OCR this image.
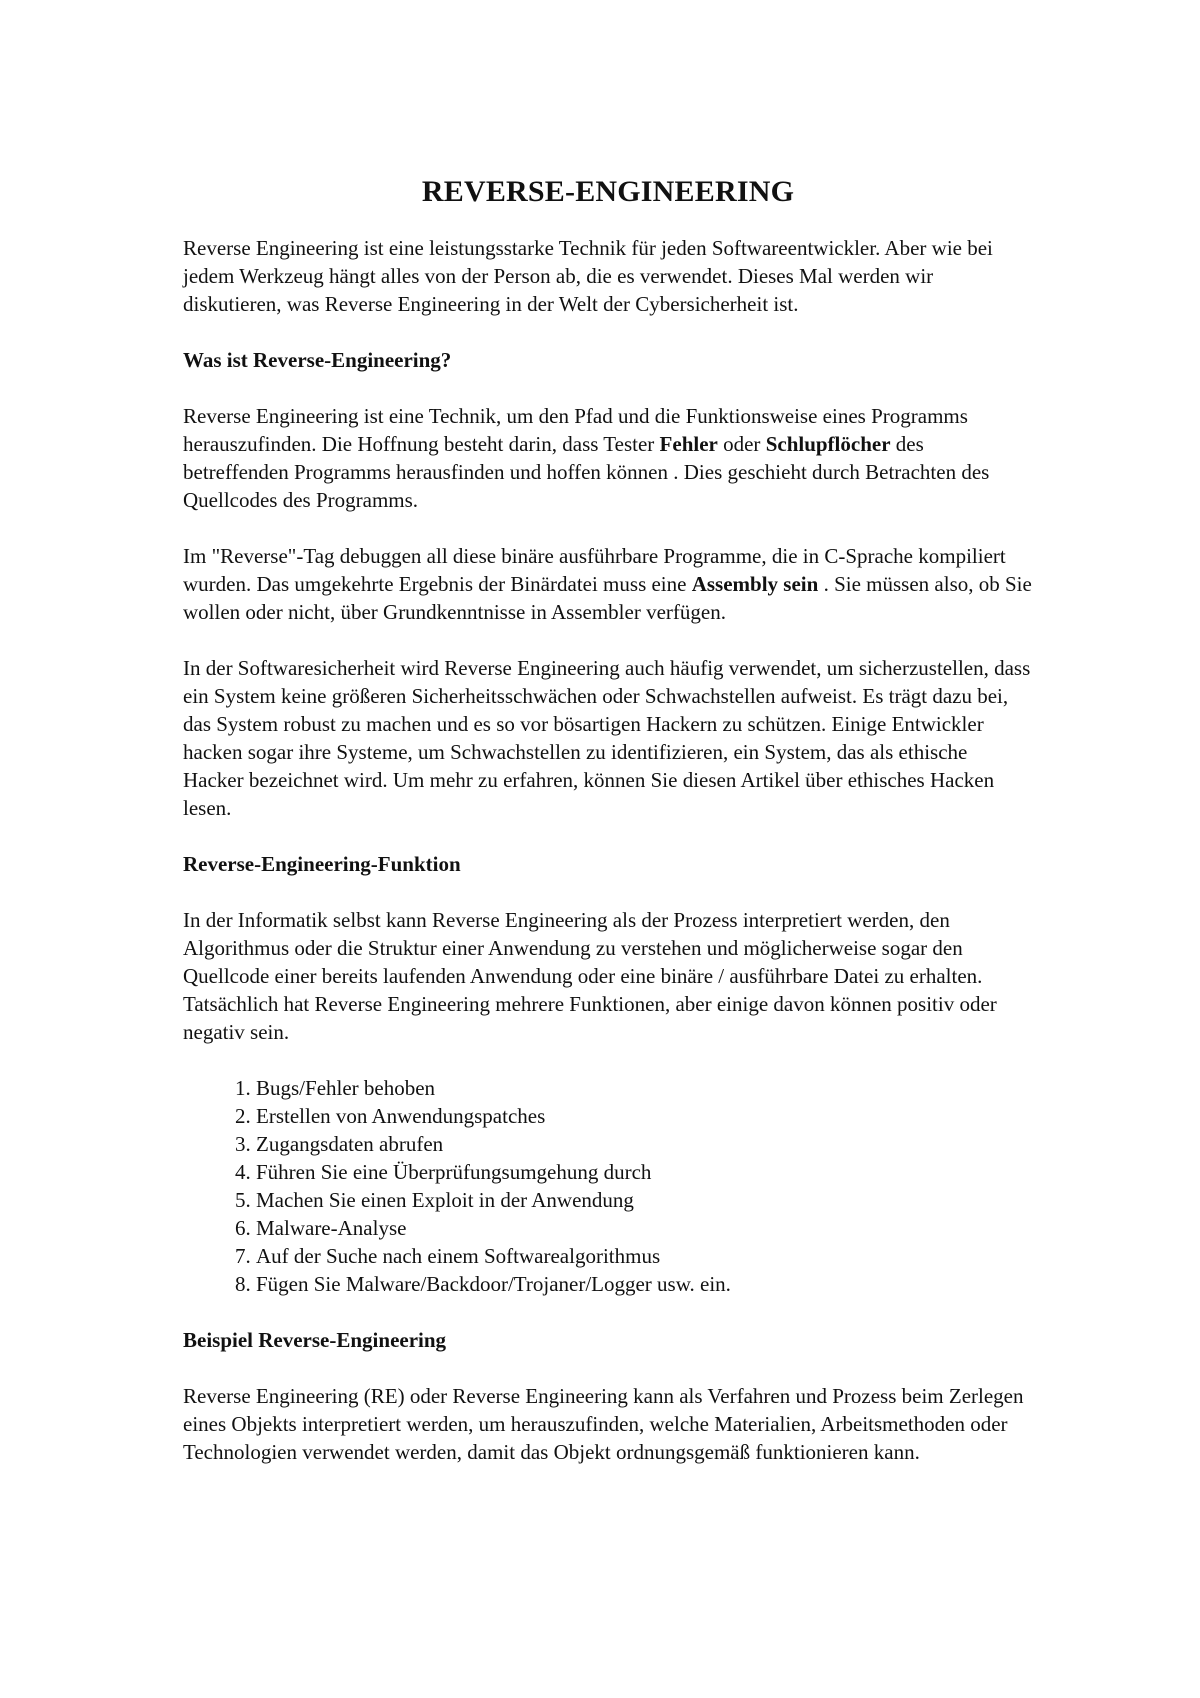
REVERSE-ENGINEERING

Reverse Engineering ist eine leistungsstarke Technik für jeden Softwareentwickler. Aber wie bei jedem Werkzeug hängt alles von der Person ab, die es verwendet. Dieses Mal werden wir diskutieren, was Reverse Engineering in der Welt der Cybersicherheit ist.

Was ist Reverse-Engineering?

Reverse Engineering ist eine Technik, um den Pfad und die Funktionsweise eines Programms herauszufinden. Die Hoffnung besteht darin, dass Tester Fehler oder Schlupflöcher des betreffenden Programms herausfinden und hoffen können . Dies geschieht durch Betrachten des Quellcodes des Programms.

Im "Reverse"-Tag debuggen all diese binäre ausführbare Programme, die in C-Sprache kompiliert wurden. Das umgekehrte Ergebnis der Binärdatei muss eine Assembly sein . Sie müssen also, ob Sie wollen oder nicht, über Grundkenntnisse in Assembler verfügen.

In der Softwaresicherheit wird Reverse Engineering auch häufig verwendet, um sicherzustellen, dass ein System keine größeren Sicherheitsschwächen oder Schwachstellen aufweist. Es trägt dazu bei, das System robust zu machen und es so vor bösartigen Hackern zu schützen. Einige Entwickler hacken sogar ihre Systeme, um Schwachstellen zu identifizieren, ein System, das als ethische Hacker bezeichnet wird. Um mehr zu erfahren, können Sie diesen Artikel über ethisches Hacken lesen.

Reverse-Engineering-Funktion

In der Informatik selbst kann Reverse Engineering als der Prozess interpretiert werden, den Algorithmus oder die Struktur einer Anwendung zu verstehen und möglicherweise sogar den Quellcode einer bereits laufenden Anwendung oder eine binäre / ausführbare Datei zu erhalten. Tatsächlich hat Reverse Engineering mehrere Funktionen, aber einige davon können positiv oder negativ sein.

1. Bugs/Fehler behoben
2. Erstellen von Anwendungspatches
3. Zugangsdaten abrufen
4. Führen Sie eine Überprüfungsumgehung durch
5. Machen Sie einen Exploit in der Anwendung
6. Malware-Analyse
7. Auf der Suche nach einem Softwarealgorithmus
8. Fügen Sie Malware/Backdoor/Trojaner/Logger usw. ein.
Beispiel Reverse-Engineering

Reverse Engineering (RE) oder Reverse Engineering kann als Verfahren und Prozess beim Zerlegen eines Objekts interpretiert werden, um herauszufinden, welche Materialien, Arbeitsmethoden oder Technologien verwendet werden, damit das Objekt ordnungsgemäß funktionieren kann.
